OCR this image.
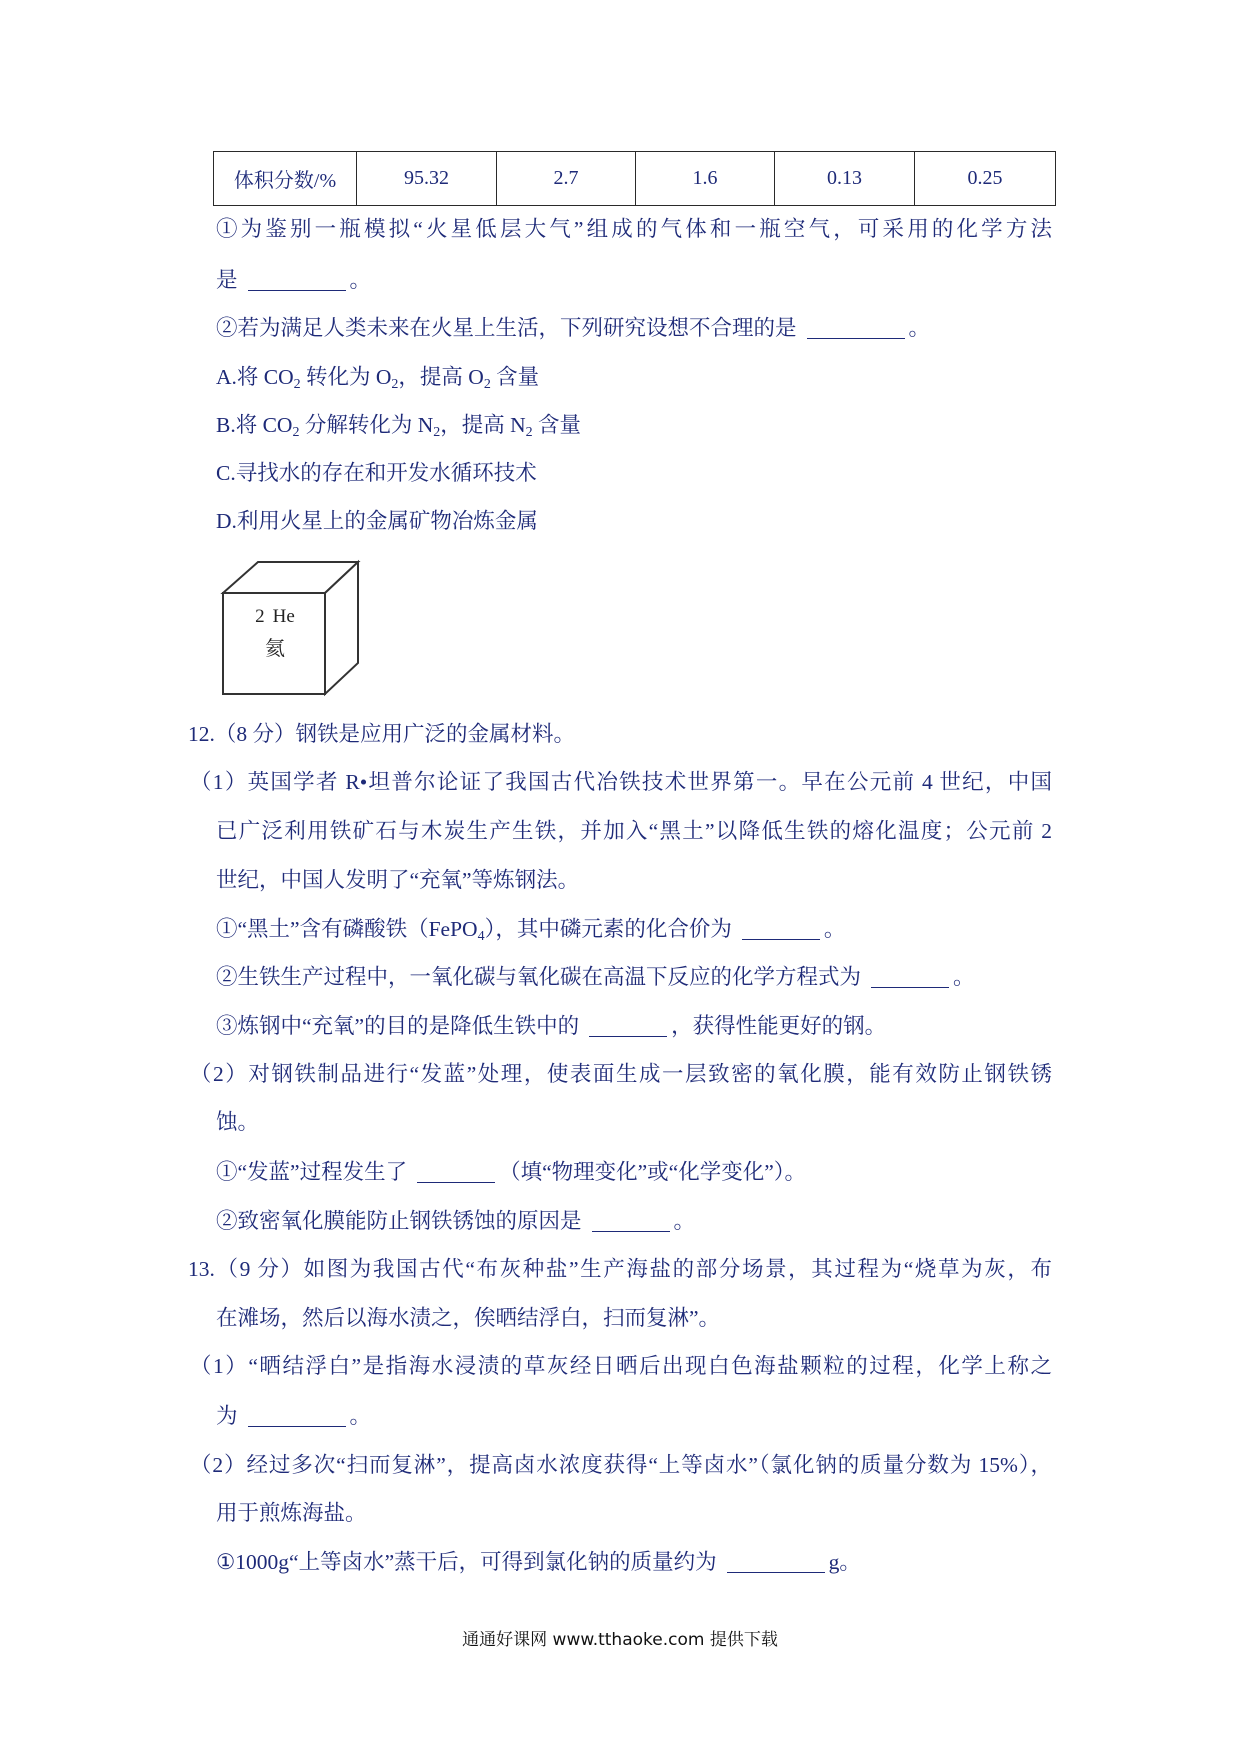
体积分数/%	95.32	2.7	1.6	0.13	0.25
①为鉴别一瓶模拟“火星低层大气”组成的气体和一瓶空气，可采用的化学方法
是	。
②若为满足人类未来在火星上生活，下列研究设想不合理的是	。
A.将 $CO_2$ 转化为 $O_2$，提高 $O_2$ 含量
B.将 $CO_2$ 分解转化为 $N_2$，提高 $N_2$ 含量
C.寻找水的存在和开发水循环技术
D.利用火星上的金属矿物冶炼金属
2 He
氦
12.（8 分）钢铁是应用广泛的金属材料。
（1）英国学者 R•坦普尔论证了我国古代冶铁技术世界第一。早在公元前 4 世纪，中国
已广泛利用铁矿石与木炭生产生铁，并加入“黑土”以降低生铁的熔化温度；公元前 2
世纪，中国人发明了“充氧”等炼钢法。
①“黑土”含有磷酸铁（FePO$_4$），其中磷元素的化合价为	。
②生铁生产过程中，一氧化碳与氧化碳在高温下反应的化学方程式为	。
③炼钢中“充氧”的目的是降低生铁中的	，获得性能更好的钢。
（2）对钢铁制品进行“发蓝”处理，使表面生成一层致密的氧化膜，能有效防止钢铁锈
蚀。
①“发蓝”过程发生了	（填“物理变化”或“化学变化”）。
②致密氧化膜能防止钢铁锈蚀的原因是	。
13.（9 分）如图为我国古代“布灰种盐”生产海盐的部分场景，其过程为“烧草为灰，布
在滩场，然后以海水渍之，俟晒结浮白，扫而复淋”。
（1）“晒结浮白”是指海水浸渍的草灰经日晒后出现白色海盐颗粒的过程，化学上称之
为	。
（2）经过多次“扫而复淋”，提高卤水浓度获得“上等卤水”（氯化钠的质量分数为 15%），
用于煎炼海盐。
①1000g“上等卤水”蒸干后，可得到氯化钠的质量约为	g。
通通好课网 www.tthaoke.com 提供下载
